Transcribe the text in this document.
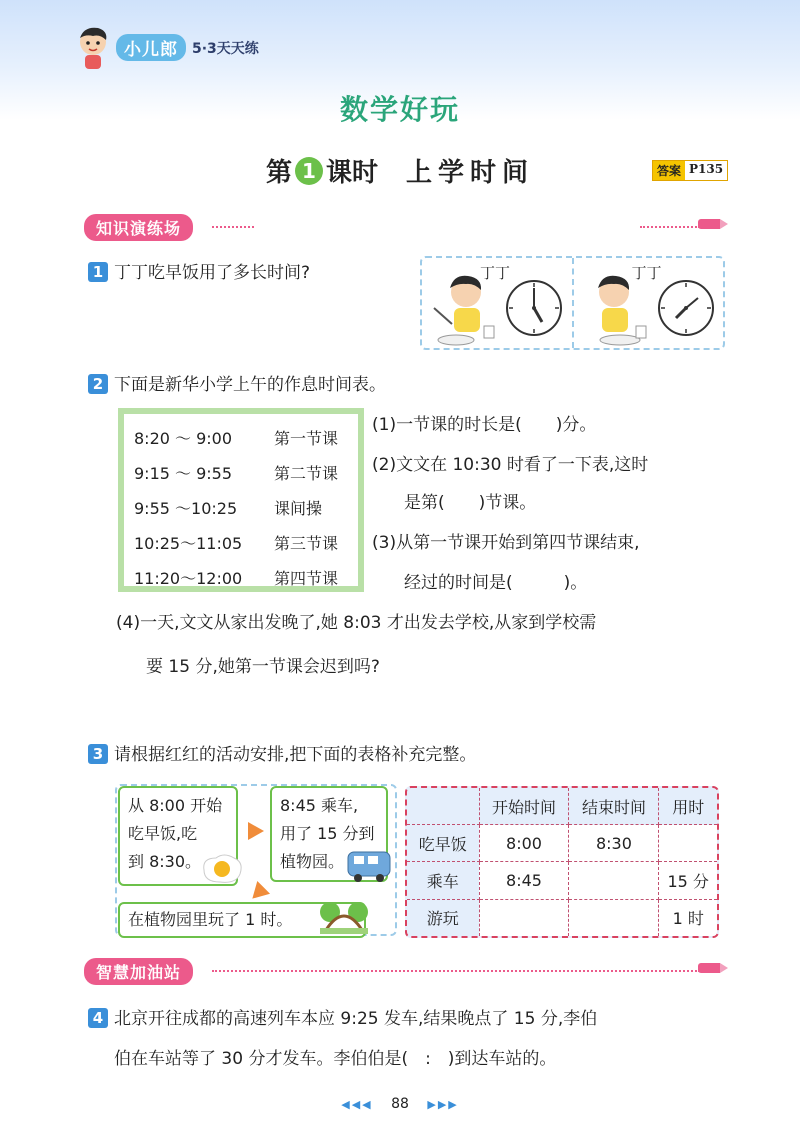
小儿郎	5·3天天练
数学好玩
第 1 课时 上学时间	答案 P135
知识演练场
1 丁丁吃早饭用了多长时间?	丁丁	丁丁
2 下面是新华小学上午的作息时间表。
8:20 ～ 9:00	第一节课
9:15 ～ 9:55	第二节课
9:55 ～10:25	课间操
10:25～11:05	第三节课
11:20～12:00	第四节课
(1)一节课的时长是(　　)分。
(2)文文在 10:30 时看了一下表,这时
是第(　　)节课。
(3)从第一节课开始到第四节课结束,
经过的时间是(　　　)。
(4)一天,文文从家出发晚了,她 8:03 才出发去学校,从家到学校需
要 15 分,她第一节课会迟到吗?
3 请根据红红的活动安排,把下面的表格补充完整。
从 8:00 开始
吃早饭,吃
到 8:30。
8:45 乘车,
用了 15 分到
植物园。
在植物园里玩了 1 时。
	开始时间	结束时间	用时
吃早饭	8:00	8:30	
乘车	8:45		15 分
游玩			1 时
智慧加油站
4 北京开往成都的高速列车本应 9:25 发车,结果晚点了 15 分,李伯
伯在车站等了 30 分才发车。李伯伯是(　:　)到达车站的。
◀◀◀ 88 ▶▶▶
